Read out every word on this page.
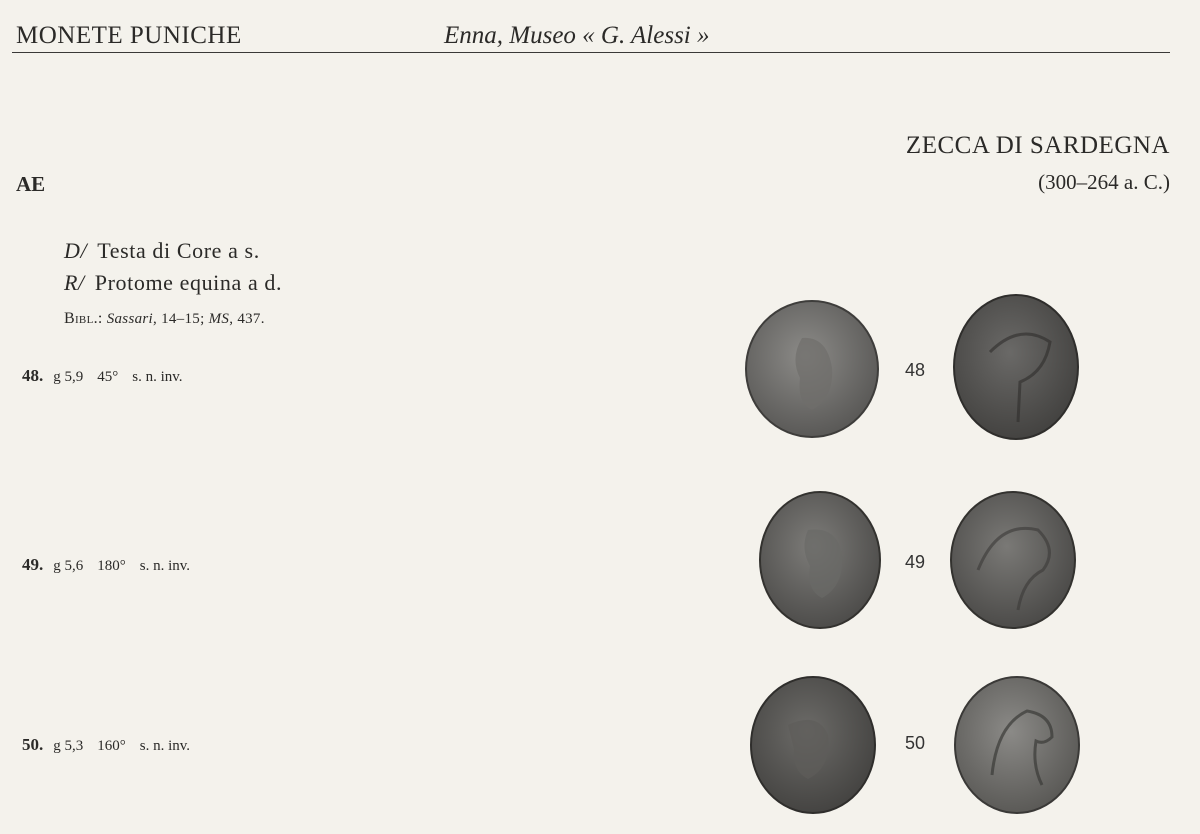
MONETE PUNICHE	Enna, Museo « G. Alessi »
ZECCA DI SARDEGNA
(300–264 a. C.)
AE
D/ Testa di Core a s.
R/ Protome equina a d.
Bibl.: Sassari, 14–15; MS, 437.
48. g 5,9 45° s. n. inv.
49. g 5,6 180° s. n. inv.
50. g 5,3 160° s. n. inv.
48
49
50
